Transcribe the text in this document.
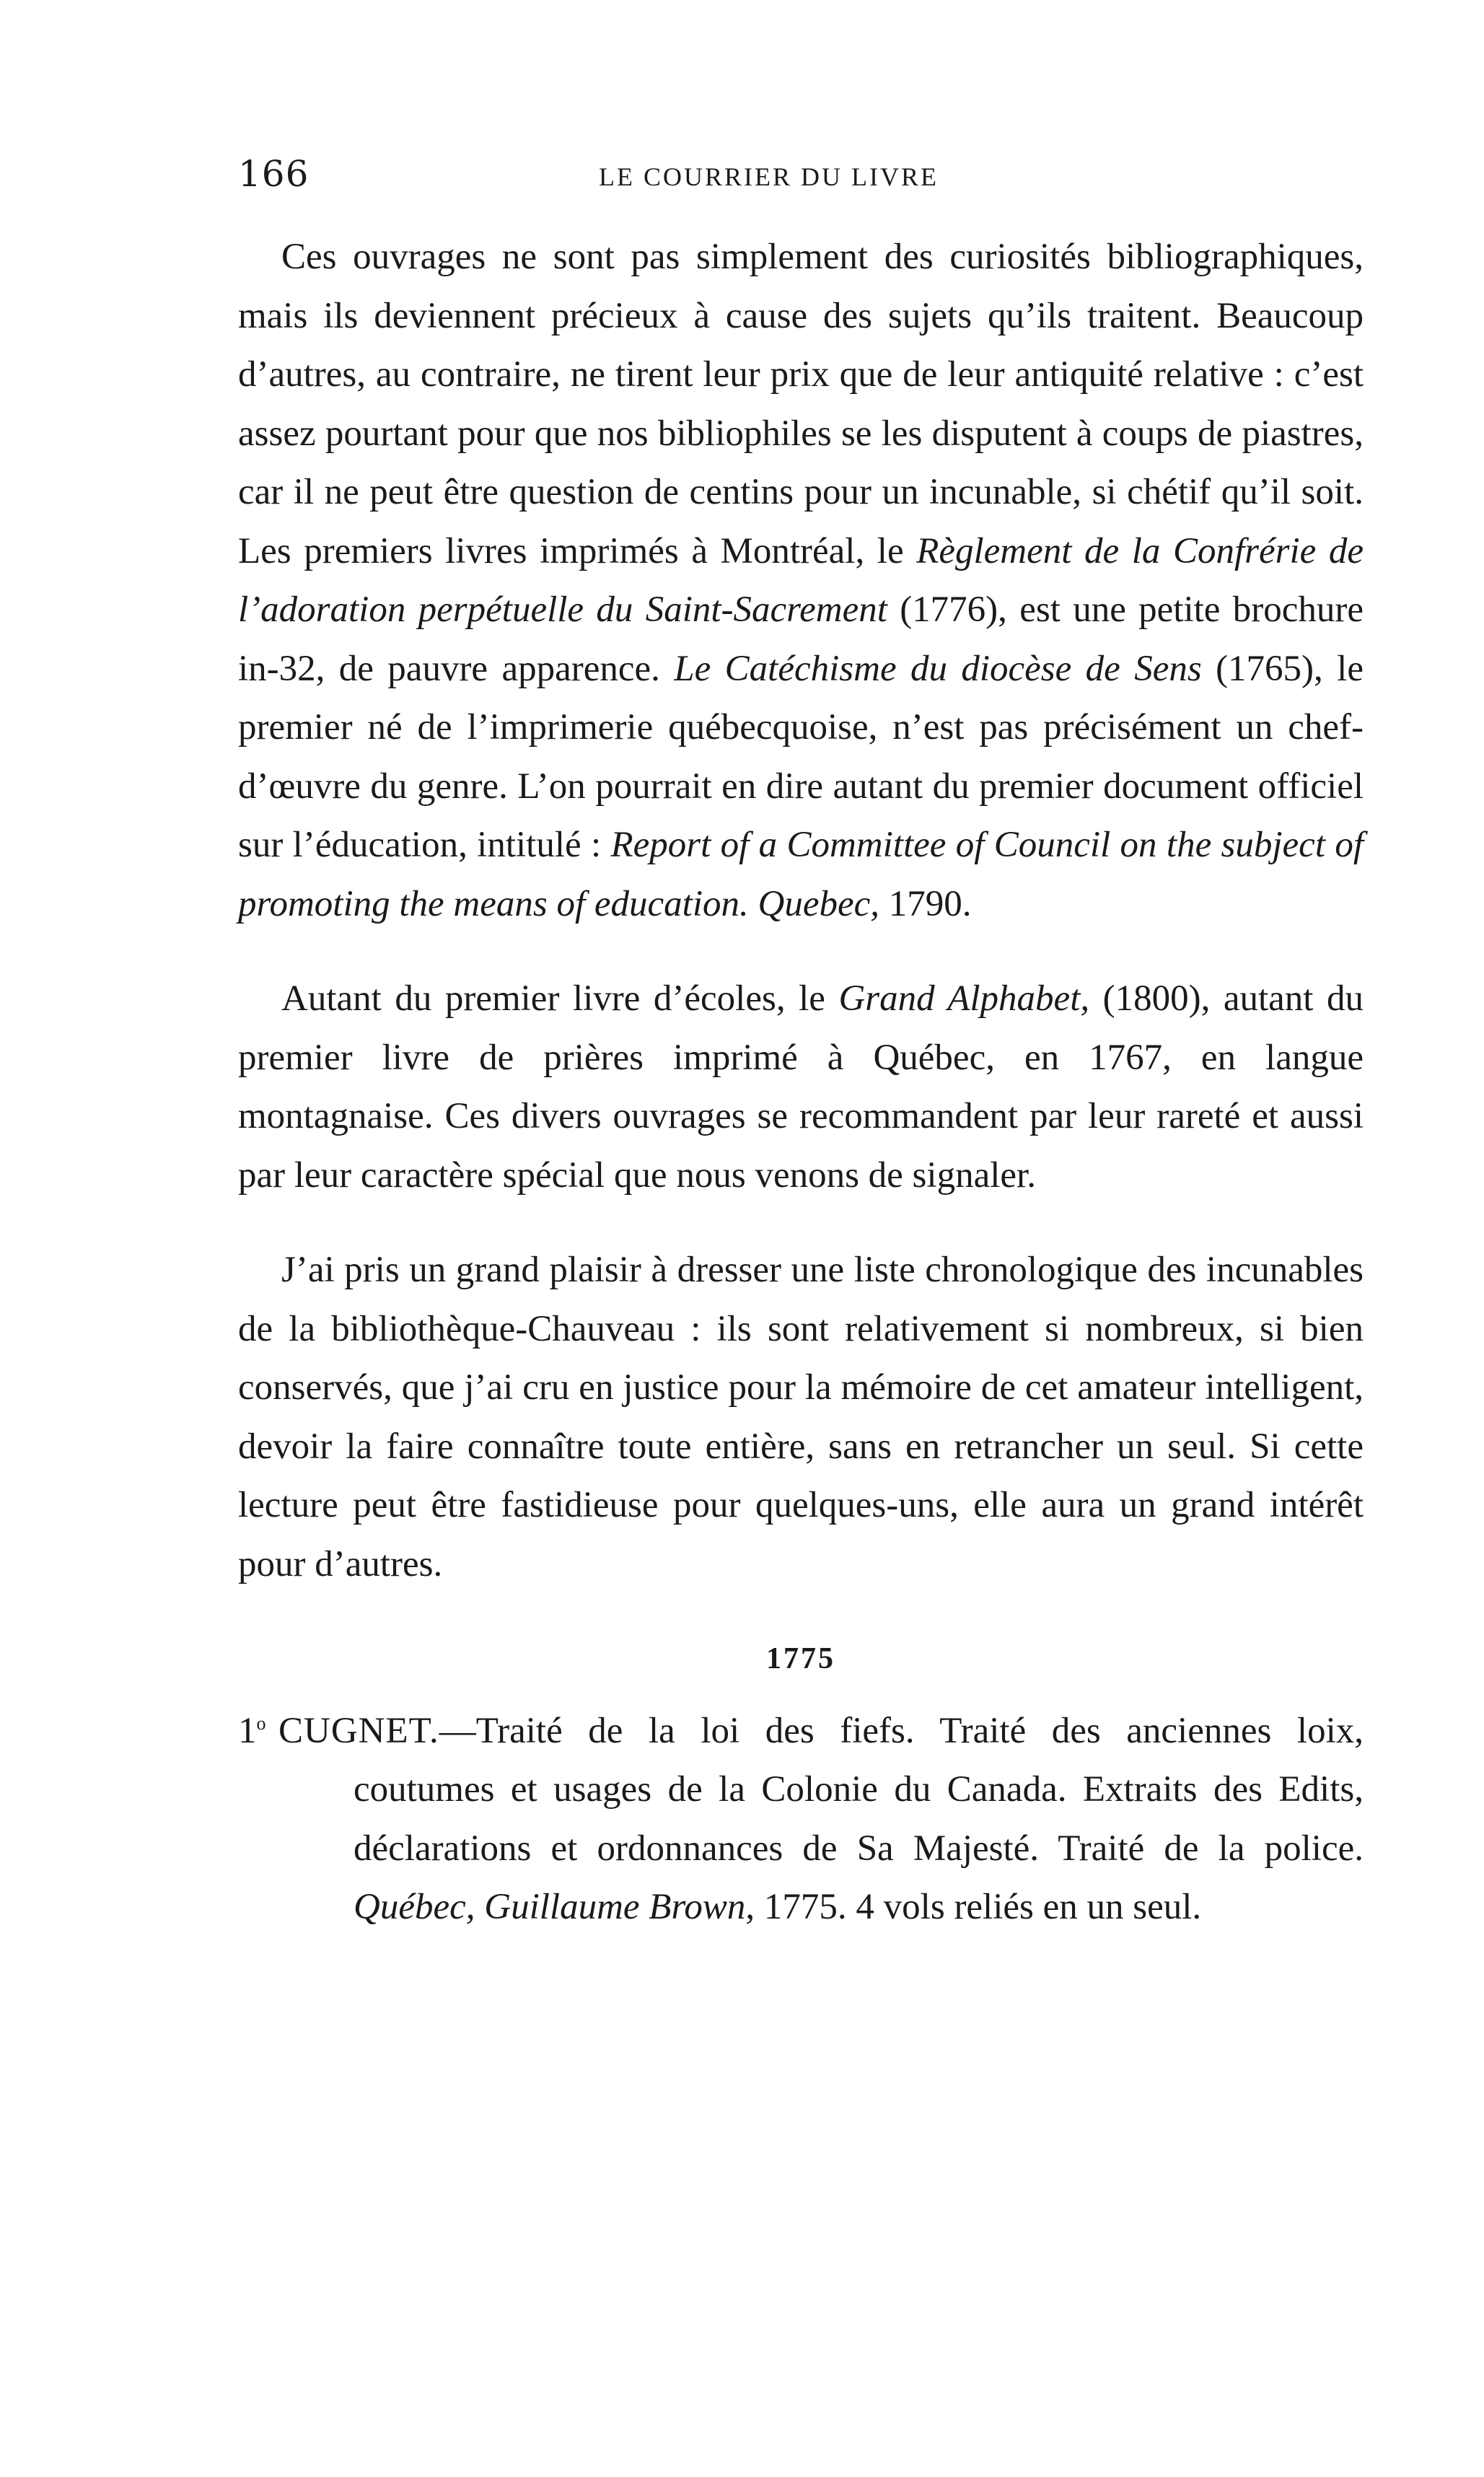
166	LE COURRIER DU LIVRE

Ces ouvrages ne sont pas simplement des curiosités bibliographiques, mais ils deviennent précieux à cause des sujets qu’ils traitent. Beaucoup d’autres, au contraire, ne tirent leur prix que de leur antiquité relative : c’est assez pourtant pour que nos bibliophiles se les disputent à coups de piastres, car il ne peut être question de centins pour un incunable, si chétif qu’il soit. Les premiers livres imprimés à Montréal, le Règlement de la Confrérie de l’adoration perpétuelle du Saint-Sacrement (1776), est une petite brochure in-32, de pauvre apparence. Le Catéchisme du diocèse de Sens (1765), le premier né de l’imprimerie québecquoise, n’est pas précisément un chef-d’œuvre du genre. L’on pourrait en dire autant du premier document officiel sur l’éducation, intitulé : Report of a Committee of Council on the subject of promoting the means of education. Quebec, 1790.

Autant du premier livre d’écoles, le Grand Alphabet, (1800), autant du premier livre de prières imprimé à Québec, en 1767, en langue montagnaise. Ces divers ouvrages se recommandent par leur rareté et aussi par leur caractère spécial que nous venons de signaler.

J’ai pris un grand plaisir à dresser une liste chronologique des incunables de la bibliothèque-Chauveau : ils sont relativement si nombreux, si bien conservés, que j’ai cru en justice pour la mémoire de cet amateur intelligent, devoir la faire connaître toute entière, sans en retrancher un seul. Si cette lecture peut être fastidieuse pour quelques-uns, elle aura un grand intérêt pour d’autres.

1775

1$^o$ CUGNET.—Traité de la loi des fiefs. Traité des anciennes loix, coutumes et usages de la Colonie du Canada. Extraits des Edits, déclarations et ordonnances de Sa Majesté. Traité de la police. Québec, Guillaume Brown, 1775. 4 vols reliés en un seul.
